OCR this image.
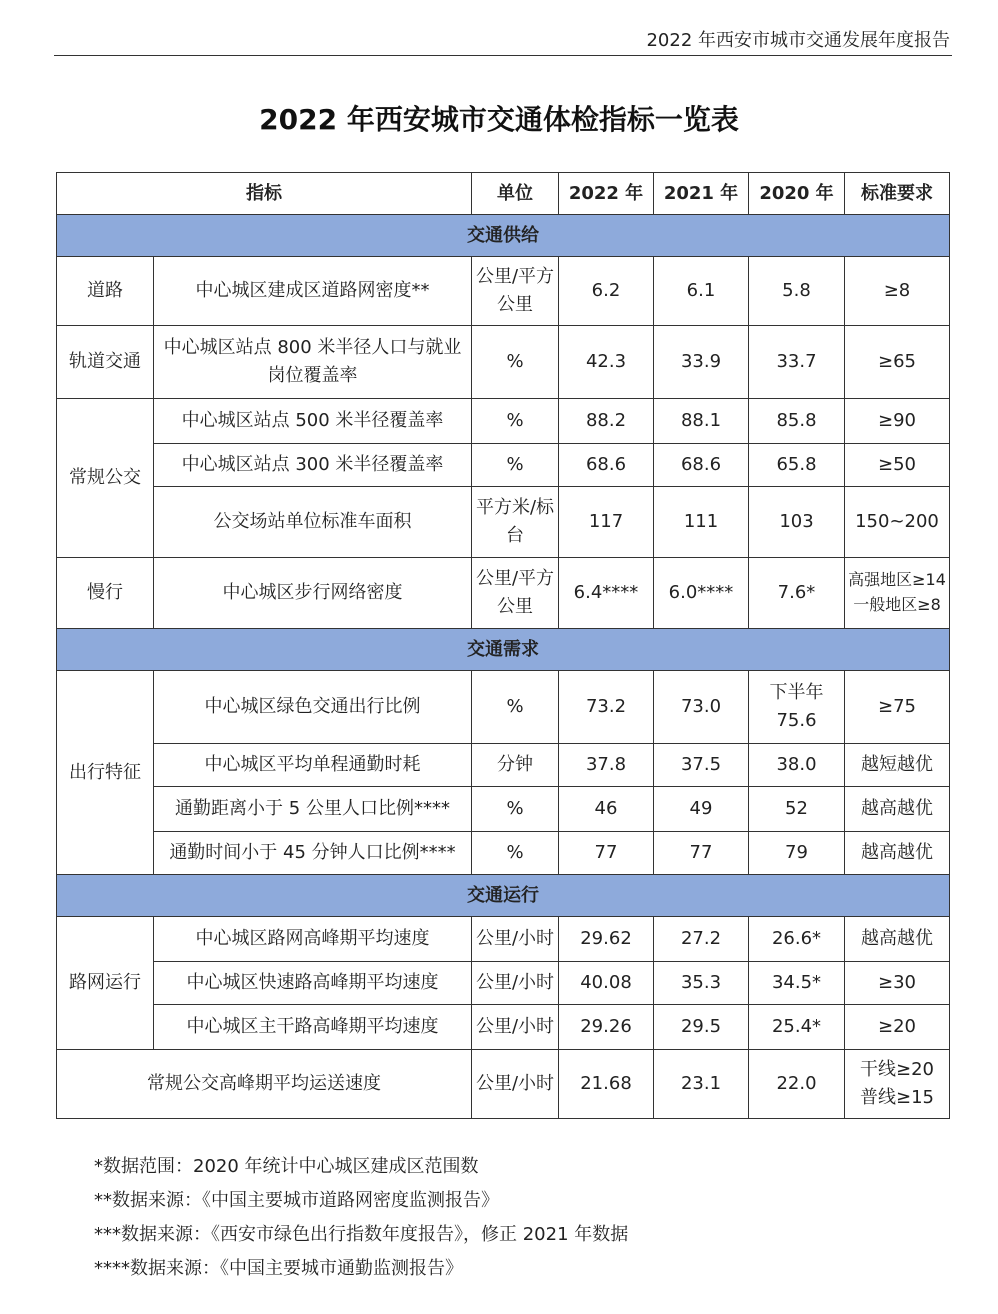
2022 年西安市城市交通发展年度报告
2022 年西安城市交通体检指标一览表
指标		单位	2022 年	2021 年	2020 年	标准要求
交通供给						
道路	中心城区建成区道路网密度**	公里/平方公里	6.2	6.1	5.8	≥8
轨道交通	中心城区站点 800 米半径人口与就业岗位覆盖率	%	42.3	33.9	33.7	≥65
常规公交	中心城区站点 500 米半径覆盖率	%	88.2	88.1	85.8	≥90
	中心城区站点 300 米半径覆盖率	%	68.6	68.6	65.8	≥50
	公交场站单位标准车面积	平方米/标台	117	111	103	150~200
慢行	中心城区步行网络密度	公里/平方公里	6.4****	6.0****	7.6*	高强地区≥14
一般地区≥8

交通需求						
出行特征	中心城区绿色交通出行比例	%	73.2	73.0	下半年75.6	≥75
	中心城区平均单程通勤时耗	分钟	37.8	37.5	38.0	越短越优
	通勤距离小于 5 公里人口比例****	%	46	49	52	越高越优
	通勤时间小于 45 分钟人口比例****	%	77	77	79	越高越优
交通运行						
路网运行	中心城区路网高峰期平均速度	公里/小时	29.62	27.2	26.6*	越高越优
	中心城区快速路高峰期平均速度	公里/小时	40.08	35.3	34.5*	≥30
	中心城区主干路高峰期平均速度	公里/小时	29.26	29.5	25.4*	≥20
常规公交高峰期平均运送速度		公里/小时	21.68	23.1	22.0	干线≥20
普线≥15
*数据范围：2020 年统计中心城区建成区范围数
**数据来源：《中国主要城市道路网密度监测报告》
***数据来源：《西安市绿色出行指数年度报告》，修正 2021 年数据
****数据来源：《中国主要城市通勤监测报告》
